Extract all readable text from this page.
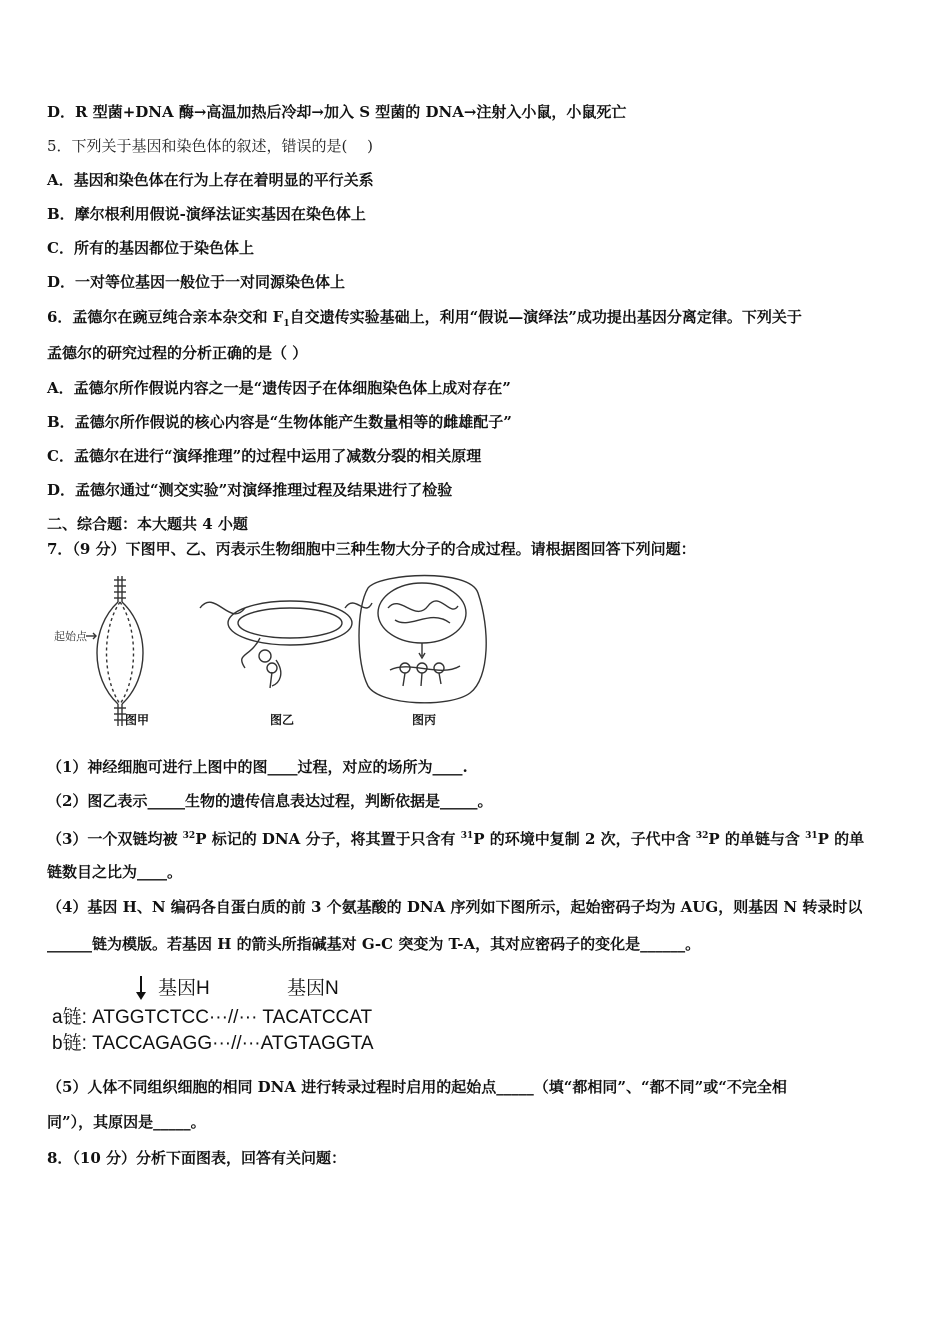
D．R 型菌+DNA 酶→高温加热后冷却→加入 S 型菌的 DNA→注射入小鼠，小鼠死亡
5．下列关于基因和染色体的叙述，错误的是(　 )
A．基因和染色体在行为上存在着明显的平行关系
B．摩尔根利用假说-演绎法证实基因在染色体上
C．所有的基因都位于染色体上
D．一对等位基因一般位于一对同源染色体上
6．孟德尔在豌豆纯合亲本杂交和 $F_1$自交遗传实验基础上，利用“假说—演绎法”成功提出基因分离定律。下列关于
孟德尔的研究过程的分析正确的是（ ）
A．孟德尔所作假说内容之一是“遗传因子在体细胞染色体上成对存在”
B．孟德尔所作假说的核心内容是“生物体能产生数量相等的雌雄配子”
C．孟德尔在进行“演绎推理”的过程中运用了减数分裂的相关原理
D．孟德尔通过“测交实验”对演绎推理过程及结果进行了检验
二、综合题：本大题共 4 小题
7．（9 分）下图甲、乙、丙表示生物细胞中三种生物大分子的合成过程。请根据图回答下列问题：
起始点
图甲	图乙	图丙
（1）神经细胞可进行上图中的图____过程，对应的场所为____.
（2）图乙表示_____生物的遗传信息表达过程，判断依据是_____。
（3）一个双链均被 $^{32}$P 标记的 DNA 分子，将其置于只含有 $^{31}$P 的环境中复制 2 次，子代中含 $^{32}$P 的单链与含 $^{31}$P 的单
链数目之比为____。
（4）基因 H、N 编码各自蛋白质的前 3 个氨基酸的 DNA 序列如下图所示，起始密码子均为 AUG，则基因 N 转录时以
______链为模版。若基因 H 的箭头所指碱基对 G-C 突变为 T-A，其对应密码子的变化是______。
基因H	基因N
a链: ATGGTCTCC···//··· TACATCCAT
b链: TACCAGAGG···//···ATGTAGGTA
（5）人体不同组织细胞的相同 DNA 进行转录过程时启用的起始点_____（填“都相同”、“都不同”或“不完全相
同”），其原因是_____。
8．（10 分）分析下面图表，回答有关问题：
